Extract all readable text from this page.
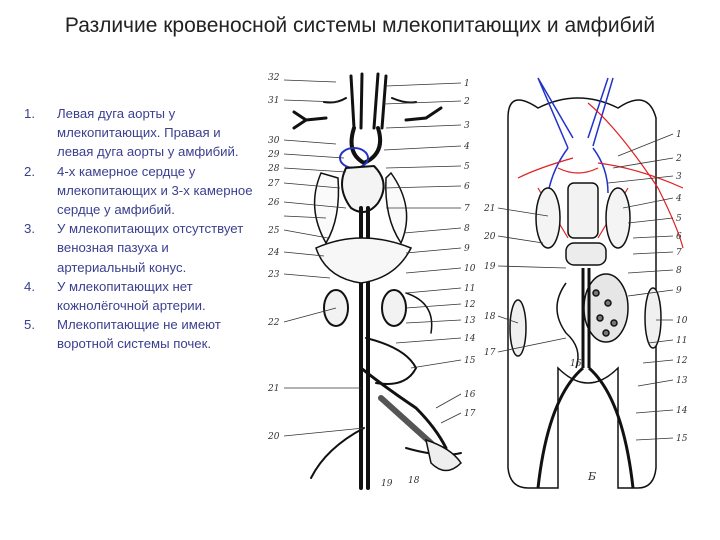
Различие кровеносной системы млекопитающих и амфибий
1.	Левая дуга аорты у млекопитающих. Правая и левая дуга аорты у амфибий.
2.	4-х камерное сердце у млекопитающих и 3-х камерное сердце у амфибий.
3.	У млекопитающих отсутствует венозная пазуха и артериальный конус.
4.	У млекопитающих нет кожнолёгочной артерии.
5.	Млекопитающие не имеют воротной системы почек.
32
31
30
29
28
27
26
25
24
23
22
21
20
1
2
3
4
5
6
7
8
9
10
11
12
13
14
15
16
17
19 18
21
20
19
18
17
16
1
2
3
4
5
6
7
8
9
10
11
12
13
14
15
Б
